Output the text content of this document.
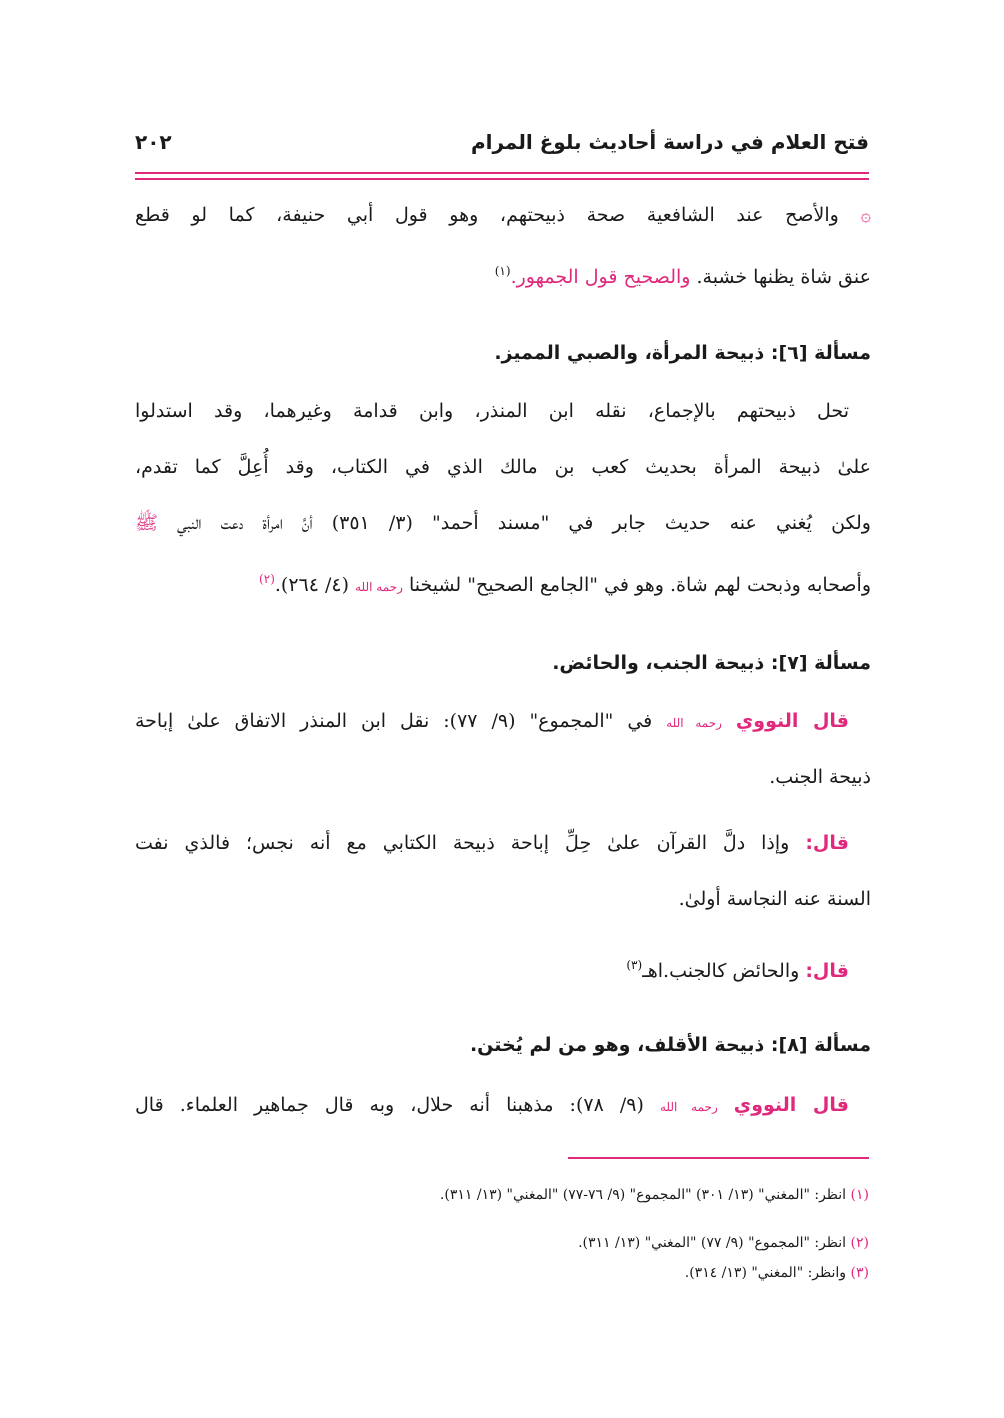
فتح العلام في دراسة أحاديث بلوغ المرام
٢٠٢
۞ والأصح عند الشافعية صحة ذبيحتهم، وهو قول أبي حنيفة، كما لو قطع
عنق شاة يظنها خشبة. والصحيح قول الجمهور.$^{(١)}$
مسألة [٦]: ذبيحة المرأة، والصبي المميز.
تحل ذبيحتهم بالإجماع، نقله ابن المنذر، وابن قدامة وغيرهما، وقد استدلوا
علىٰ ذبيحة المرأة بحديث كعب بن مالك الذي في الكتاب، وقد أُعِلَّ كما تقدم،
ولكن يُغني عنه حديث جابر في "مسند أحمد" (٣/ ٣٥١) أنَّ امرأة دعت النبي ﷺ
وأصحابه وذبحت لهم شاة. وهو في "الجامع الصحيح" لشيخنا رحمه الله (٤/ ٢٦٤).$^{(٢)}$
مسألة [٧]: ذبيحة الجنب، والحائض.
قال النووي رحمه الله في "المجموع" (٩/ ٧٧): نقل ابن المنذر الاتفاق علىٰ إباحة
ذبيحة الجنب.
قال: وإذا دلَّ القرآن علىٰ حِلِّ إباحة ذبيحة الكتابي مع أنه نجس؛ فالذي نفت
السنة عنه النجاسة أولىٰ.
قال: والحائض كالجنب.اهـ$^{(٣)}$
مسألة [٨]: ذبيحة الأقلف، وهو من لم يُختن.
قال النووي رحمه الله (٩/ ٧٨): مذهبنا أنه حلال، وبه قال جماهير العلماء. قال
(١) انظر: "المغني" (١٣/ ٣٠١) "المجموع" (٩/ ٧٦-٧٧) "المغني" (١٣/ ٣١١).
(٢) انظر: "المجموع" (٩/ ٧٧) "المغني" (١٣/ ٣١١).
(٣) وانظر: "المغني" (١٣/ ٣١٤).
